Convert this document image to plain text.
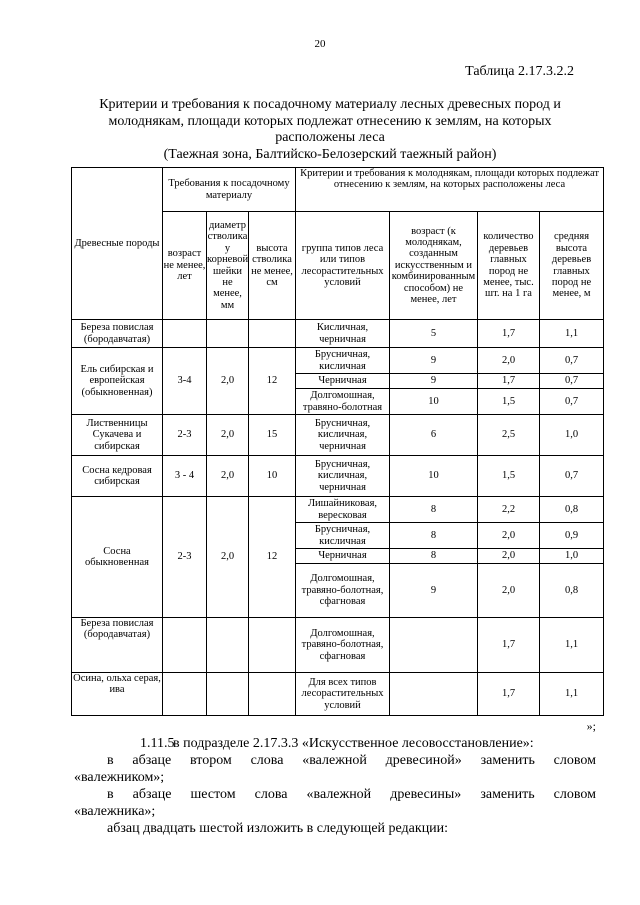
20
Таблица 2.17.3.2.2
Критерии и требования к посадочному материалу лесных древесных пород и
молоднякам, площади которых подлежат отнесению к землям, на которых
расположены леса
(Таежная зона, Балтийско-Белозерский таежный район)
Древесные породы	Требования к посадочному материалу			Критерии и требования к молоднякам, площади которых подлежат отнесению к землям, на которых расположены леса			
	возраст не менее, лет	диаметр стволика у корневой шейки не менее, мм	высота стволика не менее, см	группа типов леса или типов лесорастительных условий	возраст (к молоднякам, созданным искусственным и комбинированным способом) не менее, лет	количество деревьев главных пород не менее, тыс. шт. на 1 га	средняя высота деревьев главных пород не менее, м
Береза повислая (бородавчатая)				Кисличная, черничная	5	1,7	1,1
Ель сибирская и европейская (обыкновенная)	3-4	2,0	12	Брусничная, кисличная	9	2,0	0,7
				Черничная	9	1,7	0,7
				Долгомошная, травяно-болотная	10	1,5	0,7
Лиственницы Сукачева и сибирская	2-3	2,0	15	Брусничная, кисличная, черничная	6	2,5	1,0
Сосна кедровая сибирская	3 - 4	2,0	10	Брусничная, кисличная, черничная	10	1,5	0,7
Сосна обыкновенная	2-3	2,0	12	Лишайниковая, вересковая	8	2,2	0,8
				Брусничная, кисличная	8	2,0	0,9
				Черничная	8	2,0	1,0
				Долгомошная, травяно-болотная, сфагновая	9	2,0	0,8
Береза повислая (бородавчатая)				Долгомошная, травяно-болотная, сфагновая		1,7	1,1
Осина, ольха серая, ива				Для всех типов лесорастительных условий		1,7	1,1
»;

1.11.5в подразделе 2.17.3.3 «Искусственное лесовосстановление»:

в абзаце втором слова «валежной древесиной» заменить словом

«валежником»;

в абзаце шестом слова «валежной древесины» заменить словом

«валежника»;

абзац двадцать шестой изложить в следующей редакции:
